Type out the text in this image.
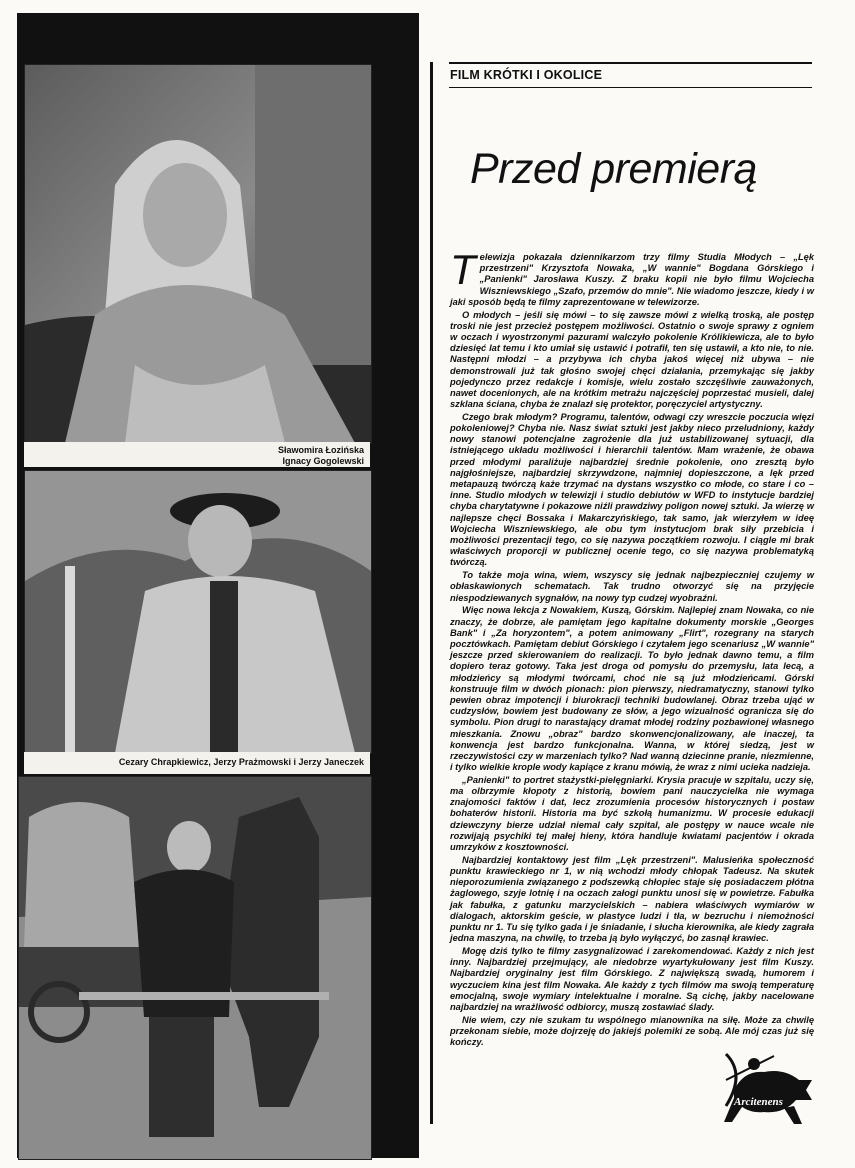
Sławomira Łozińska
Ignacy Gogolewski
Cezary Chrapkiewicz, Jerzy Prażmowski i Jerzy Janeczek
FILM KRÓTKI I OKOLICE
Przed premierą

Telewizja pokazała dziennikarzom trzy filmy Studia Młodych – „Lęk przestrzeni" Krzysztofa Nowaka, „W wannie" Bogdana Górskiego i „Panienki" Jarosława Kuszy. Z braku kopii nie było filmu Wojciecha Wiszniewskiego „Szafo, przemów do mnie". Nie wiadomo jeszcze, kiedy i w jaki sposób będą te filmy zaprezentowane w telewizorze.

O młodych – jeśli się mówi – to się zawsze mówi z wielką troską, ale postęp troski nie jest przecież postępem możliwości. Ostatnio o swoje sprawy z ogniem w oczach i wyostrzonymi pazurami walczyło pokolenie Królikiewicza, ale to było dziesięć lat temu i kto umiał się ustawić i potrafił, ten się ustawił, a kto nie, to nie. Następni młodzi – a przybywa ich chyba jakoś więcej niż ubywa – nie demonstrowali już tak głośno swojej chęci działania, przemykając się jakby pojedynczo przez redakcje i komisje, wielu zostało szczęśliwie zauważonych, nawet docenionych, ale na krótkim metrażu najczęściej poprzestać musieli, dalej szklana ściana, chyba że znalazł się protektor, poręczyciel artystyczny.

Czego brak młodym? Programu, talentów, odwagi czy wreszcie poczucia więzi pokoleniowej? Chyba nie. Nasz świat sztuki jest jakby nieco przeludniony, każdy nowy stanowi potencjalne zagrożenie dla już ustabilizowanej sytuacji, dla istniejącego układu możliwości i hierarchii talentów. Mam wrażenie, że obawa przed młodymi paraliżuje najbardziej średnie pokolenie, ono zresztą było najgłośniejsze, najbardziej skrzywdzone, najmniej dopieszczone, a lęk przed metapauzą twórczą każe trzymać na dystans wszystko co młode, co stare i co – inne. Studio młodych w telewizji i studio debiutów w WFD to instytucje bardziej chyba charytatywne i pokazowe niźli prawdziwy poligon nowej sztuki. Ja wierzę w najlepsze chęci Bossaka i Makarczyńskiego, tak samo, jak wierzyłem w ideę Wojciecha Wiszniewskiego, ale obu tym instytucjom brak siły przebicia i możliwości prezentacji tego, co się nazywa początkiem rozwoju. I ciągle mi brak właściwych proporcji w publicznej ocenie tego, co się nazywa problematyką twórczą.

To także moja wina, wiem, wszyscy się jednak najbezpieczniej czujemy w obłaskawionych schematach. Tak trudno otworzyć się na przyjęcie niespodziewanych sygnałów, na nowy typ cudzej wyobraźni.

Więc nowa lekcja z Nowakiem, Kuszą, Górskim. Najlepiej znam Nowaka, co nie znaczy, że dobrze, ale pamiętam jego kapitalne dokumenty morskie „Georges Bank" i „Za horyzontem", a potem animowany „Flirt", rozegrany na starych pocztówkach. Pamiętam debiut Górskiego i czytałem jego scenariusz „W wannie" jeszcze przed skierowaniem do realizacji. To było jednak dawno temu, a film dopiero teraz gotowy. Taka jest droga od pomysłu do przemysłu, lata lecą, a młodzieńcy są młodymi twórcami, choć nie są już młodzieńcami. Górski konstruuje film w dwóch pionach: pion pierwszy, niedramatyczny, stanowi tylko pewien obraz impotencji i biurokracji techniki budowlanej. Obraz trzeba ująć w cudzysłów, bowiem jest budowany ze słów, a jego wizualność ogranicza się do symbolu. Pion drugi to narastający dramat młodej rodziny pozbawionej własnego mieszkania. Znowu „obraz" bardzo skonwencjonalizowany, ale inaczej, ta konwencja jest bardzo funkcjonalna. Wanna, w której siedzą, jest w rzeczywistości czy w marzeniach tylko? Nad wanną dziecinne pranie, niezmienne, i tylko wielkie krople wody kapiące z kranu mówią, że wraz z nimi ucieka nadzieja.

„Panienki" to portret stażystki-pielęgniarki. Krysia pracuje w szpitalu, uczy się, ma olbrzymie kłopoty z historią, bowiem pani nauczycielka nie wymaga znajomości faktów i dat, lecz zrozumienia procesów historycznych i postaw bohaterów historii. Historia ma być szkołą humanizmu. W procesie edukacji dziewczyny bierze udział niemal cały szpital, ale postępy w nauce wcale nie rozwijają psychiki tej małej hieny, która handluje kwiatami pacjentów i okrada umrzyków z kosztowności.

Najbardziej kontaktowy jest film „Lęk przestrzeni". Malusieńka społeczność punktu krawieckiego nr 1, w nią wchodzi młody chłopak Tadeusz. Na skutek nieporozumienia związanego z podszewką chłopiec staje się posiadaczem płótna żaglowego, szyje lotnię i na oczach załogi punktu unosi się w powietrze. Fabułka jak fabułka, z gatunku marzycielskich – nabiera właściwych wymiarów w dialogach, aktorskim geście, w plastyce ludzi i tła, w bezruchu i niemożności punktu nr 1. Tu się tylko gada i je śniadanie, i słucha kierownika, ale kiedy zagrała jedna maszyna, na chwilę, to trzeba ją było wyłączyć, bo zasnął krawiec.

Mogę dziś tylko te filmy zasygnalizować i zarekomendować. Każdy z nich jest inny. Najbardziej przejmujący, ale niedobrze wyartykułowany jest film Kuszy. Najbardziej oryginalny jest film Górskiego. Z największą swadą, humorem i wyczuciem kina jest film Nowaka. Ale każdy z tych filmów ma swoją temperaturę emocjalną, swoje wymiary intelektualne i moralne. Są cichę, jakby nacelowane najbardziej na wrażliwość odbiorcy, muszą zostawiać ślady.

Nie wiem, czy nie szukam tu wspólnego mianownika na siłę. Może za chwilę przekonam siebie, może dojrzeję do jakiejś polemiki ze sobą. Ale mój czas już się kończy.

Arcitenens
